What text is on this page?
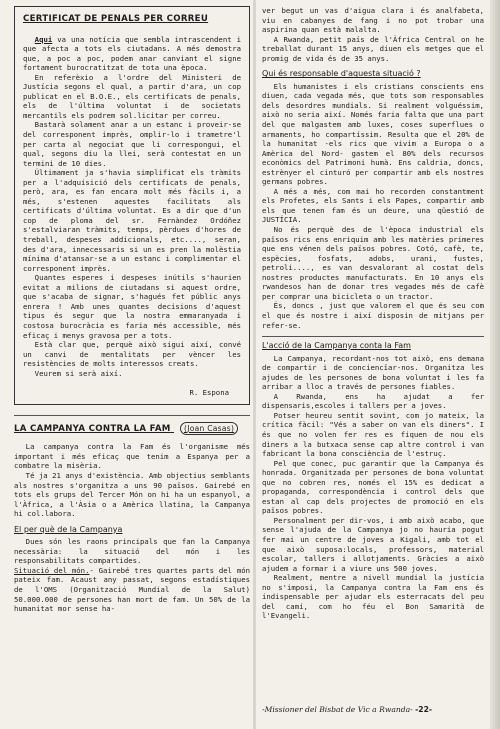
CERTIFICAT DE PENALS PER CORREU

Aqui va una notícia que sembla intrascendent i que afecta a tots els ciutadans. A més demostra que, a poc a poc, podem anar canviant el signe fortament burocratitzat de tota una època.

En referèxio a l'ordre del Ministeri de Justícia segons el qual, a partir d'ara, un cop publicat en el B.O.E., els certificats de penals, els de l'última voluntat i de societats mercantils els podrem sol.licitar per correu.

Bastarà solament anar a un estanc i proveir-se del corresponent imprès, omplir-lo i trametre'l per carta al negociat que li correspongui, el qual, segons diu la llei, serà contestat en un termini de 10 dies.

Últimament ja s'havia simplificat els tràmits per a l'adquisició dels certificats de penals, però, ara, es fan encara molt més fàcils i, a més, s'estenen aquestes facilitats als certificats d'última voluntat. Es a dir que d'un cop de ploma del sr. Fernàndez Ordóñez s'estalviaran tràmits, temps, pèrdues d'hores de treball, despeses addicionals, etc...., seran, des d'ara, innecessaris si un es pren la molèstia mínima d'atansar-se a un estanc i complimentar el corresponent imprès.

Quantes esperes i despeses inútils s'haurien evitat a milions de ciutadans si aquest ordre, que s'acaba de signar, s'hagués fet públic anys enrera ! Amb unes quantes decisions d'aquest tipus és segur que la nostra emmaranyada i costosa burocràcia es faria més accessible, més eficaç i menys gravosa per a tots.

Està clar que, perquè això sigui així, convé un canvi de mentalitats per vèncer les resistències de molts interessos creats.

Veurem si serà així.

R. Espona
LA CAMPANYA CONTRA LA FAM (Joan Casas)

La campanya contra la Fam és l'organisme més important i més eficaç que tenim a Espanya per a combatre la misèria.

Té ja 21 anys d'existència. Amb objectius semblants als nostres s'organitza a uns 90 països. Gairebé en tots els grups del Tercer Món on hi ha un espanyol, a l'Àfrica, a l'Àsia o a Amèrica llatina, la Campanya hi col.labora.

El per què de la Campanya

Dues són les raons principals que fan la Campanya necessària: la situació del món i les responsabilitats compartides.

Situació del món.- Gairebé tres quartes parts del món pateix fam. Acaust any passat, segons estadístiques de l'OMS (Organització Mundial de la Salut) 50.000.000 de persones han mort de fam. Un 50% de la humanitat mor sense ha-

ver begut un vas d'aigua clara i és analfabeta, viu en cabanyes de fang i no pot trobar una aspirina quan està malalta.

A Rwanda, petit país de l'Àfrica Central on he treballat durant 15 anys, diuen els metges que el promig de vida és de 35 anys.

Qui és responsable d'aquesta situació ?

Els humanistes i els cristians conscients ens diuen, cada vegada més, que tots som responsables dels desordres mundials. Si realment volguéssim, això no seria així. Només faria falta que una part del que malgastem amb luxes, coses superflues o armaments, ho compartíssim. Resulta que el 20% de la humanitat -els rics que vivim a Europa o a Amèrica del Nord- gastem el 80% dels recursos econòmics del Patrimoni humà. Ens caldria, doncs, estrènyer el cinturó per compartir amb els nostres germans pobres.

A més a més, com mai ho recorden constantment els Profetes, els Sants i els Papes, compartir amb els que tenen fam és un deure, una qüestió de JUSTÍCIA.

No és perquè des de l'època industrial els països rics ens enriquim amb les matèries primeres que ens vénen dels països pobres. Cotó, cafè, te, espècies, fosfats, adobs, urani, fustes, petroli...., es van desvalorant al costat dels nostres productes manufacturats. En 10 anys els rwandesos han de donar tres vegades més de cafè per comprar una bicicleta o un tractor.

És, doncs , just que valorem el que és seu com el que és nostre i així disposin de mitjans per refer-se.

L'acció de la Campanya conta la Fam

La Campanya, recordant-nos tot això, ens demana de compartir i de conciencïar-nos. Organitza les ajudes de les persones de bona voluntat i les fa arribar a lloc a través de persones fiables.

A Rwanda, ens ha ajudat a fer dispensaris,escoles i tallers per a joves.

Potser heureu sentit sovint, com jo mateix, la crítica fàcil: "Vés a saber on van els diners". I és que no volen fer res es fiquen de nou els diners a la butxaca sense cap altre control i van fabricant la bona consciència de l'estruç.

Pel que conec, puc garantir que la Campanya és honrada. Organitzada per persones de bona voluntat que no cobren res, només el 15% es dedicat a propaganda, correspondència i control dels que estan al cap dels projectes de promoció en els països pobres.

Personalment per dir-vos, i amb això acabo, que sense l'ajuda de la Campanya jo no hauria pogut fer mai un centre de joves a Kigali, amb tot el que això suposa:locals, professors, material escolar, tallers i allotjaments. Gràcies a això ajudem a formar i a viure uns 500 joves.

Realment, mentre a nivell mundial la justícia no s'imposi, la Campanya contra la Fam ens és indispensable per ajudar els esterracats del peu del camí, com ho féu el Bon Samarità de l'Evangeli.

-Missioner del Bisbat de Vic a Rwanda- -22-
